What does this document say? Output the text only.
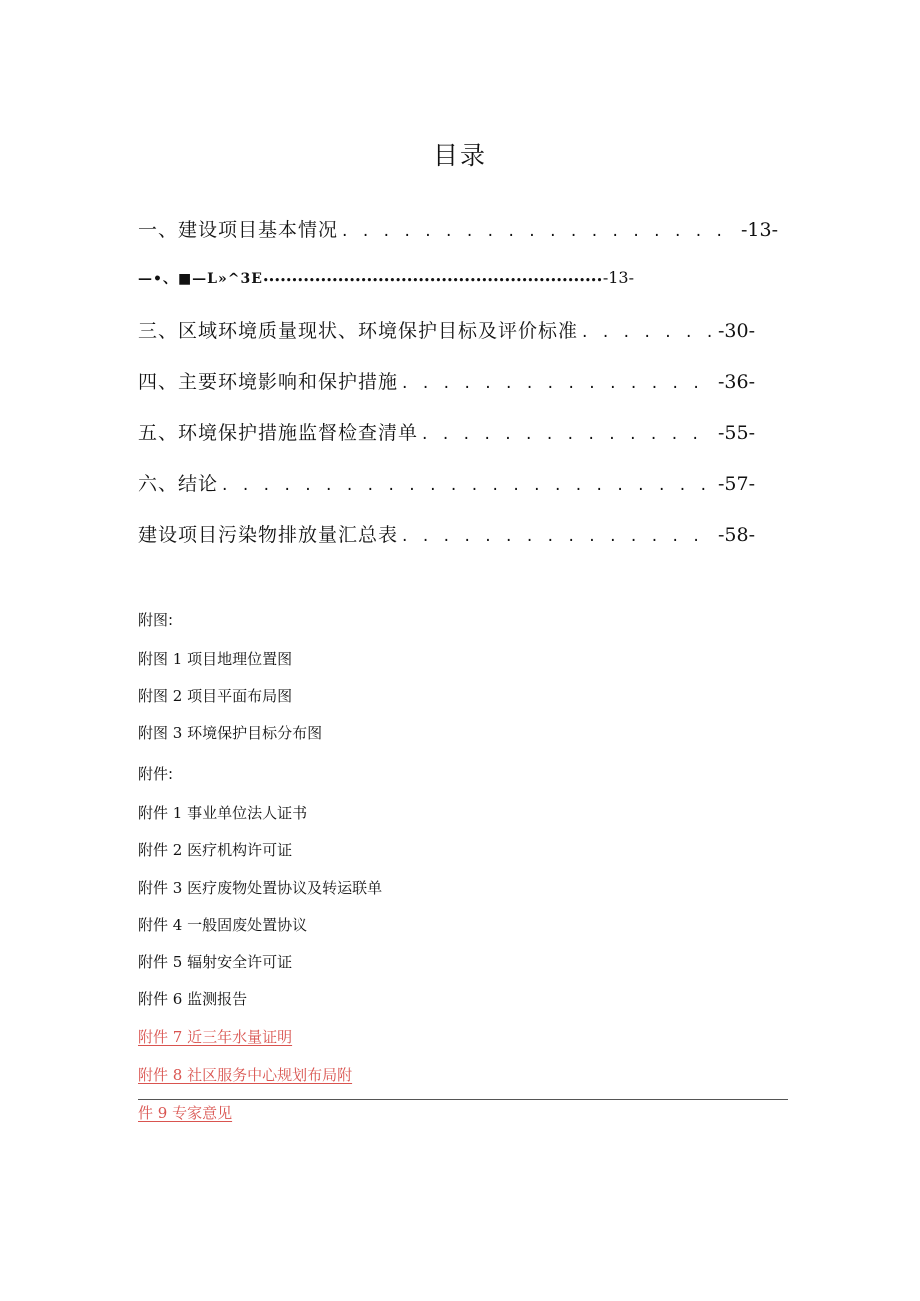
目录
一、建设项目基本情况 . . .	-13-
—•、■—L»^3E •••••	-13-
三、区域环境质量现状、环境保护目标及评价标准 . . .	-30-
四、主要环境影响和保护措施 . . .	-36-
五、环境保护措施监督检查清单 . . .	-55-
六、结论 . . .	-57-
建设项目污染物排放量汇总表 . . .	-58-
附图:
附图 1 项目地理位置图
附图 2 项目平面布局图
附图 3 环境保护目标分布图
附件:
附件 1 事业单位法人证书
附件 2 医疗机构许可证
附件 3 医疗废物处置协议及转运联单
附件 4 一般固废处置协议
附件 5 辐射安全许可证
附件 6 监测报告
附件 7 近三年水量证明
附件 8 社区服务中心规划布局附
件 9 专家意见
